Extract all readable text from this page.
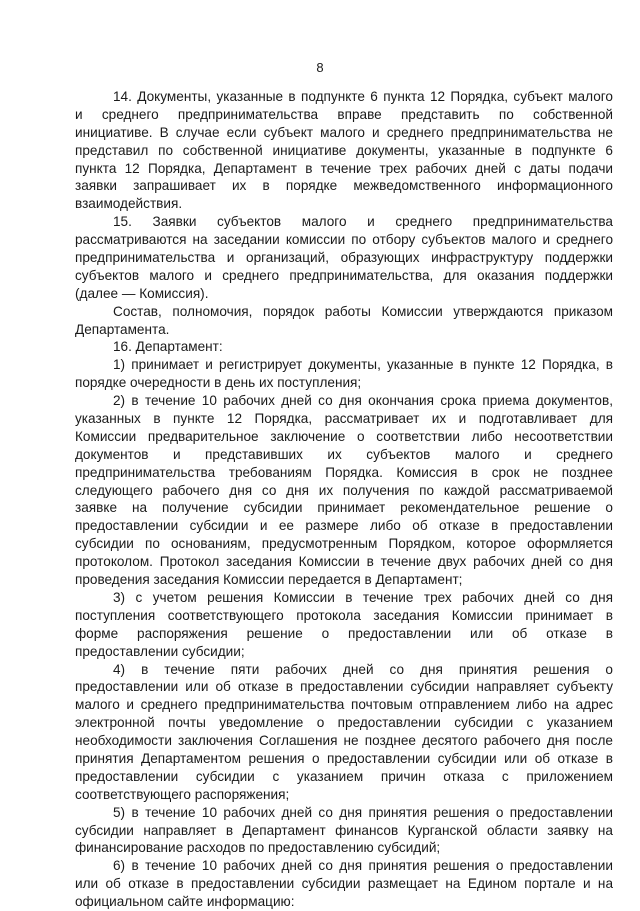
8
14. Документы, указанные в подпункте 6 пункта 12 Порядка, субъект малого
и среднего предпринимательства вправе представить по собственной
инициативе. В случае если субъект малого и среднего предпринимательства не
представил по собственной инициативе документы, указанные в подпункте 6
пункта 12 Порядка, Департамент в течение трех рабочих дней с даты подачи
заявки запрашивает их в порядке межведомственного информационного
взаимодействия.
15. Заявки субъектов малого и среднего предпринимательства
рассматриваются на заседании комиссии по отбору субъектов малого и среднего
предпринимательства и организаций, образующих инфраструктуру поддержки
субъектов малого и среднего предпринимательства, для оказания поддержки
(далее — Комиссия).
Состав, полномочия, порядок работы Комиссии утверждаются приказом
Департамента.
16. Департамент:
1) принимает и регистрирует документы, указанные в пункте 12 Порядка, в
порядке очередности в день их поступления;
2) в течение 10 рабочих дней со дня окончания срока приема документов,
указанных в пункте 12 Порядка, рассматривает их и подготавливает для
Комиссии предварительное заключение о соответствии либо несоответствии
документов и представивших их субъектов малого и среднего
предпринимательства требованиям Порядка. Комиссия в срок не позднее
следующего рабочего дня со дня их получения по каждой рассматриваемой
заявке на получение субсидии принимает рекомендательное решение о
предоставлении субсидии и ее размере либо об отказе в предоставлении
субсидии по основаниям, предусмотренным Порядком, которое оформляется
протоколом. Протокол заседания Комиссии в течение двух рабочих дней со дня
проведения заседания Комиссии передается в Департамент;
3) с учетом решения Комиссии в течение трех рабочих дней со дня
поступления соответствующего протокола заседания Комиссии принимает в
форме распоряжения решение о предоставлении или об отказе в
предоставлении субсидии;
4) в течение пяти рабочих дней со дня принятия решения о
предоставлении или об отказе в предоставлении субсидии направляет субъекту
малого и среднего предпринимательства почтовым отправлением либо на адрес
электронной почты уведомление о предоставлении субсидии с указанием
необходимости заключения Соглашения не позднее десятого рабочего дня после
принятия Департаментом решения о предоставлении субсидии или об отказе в
предоставлении субсидии с указанием причин отказа с приложением
соответствующего распоряжения;
5) в течение 10 рабочих дней со дня принятия решения о предоставлении
субсидии направляет в Департамент финансов Курганской области заявку на
финансирование расходов по предоставлению субсидий;
6) в течение 10 рабочих дней со дня принятия решения о предоставлении
или об отказе в предоставлении субсидии размещает на Едином портале и на
официальном сайте информацию:
